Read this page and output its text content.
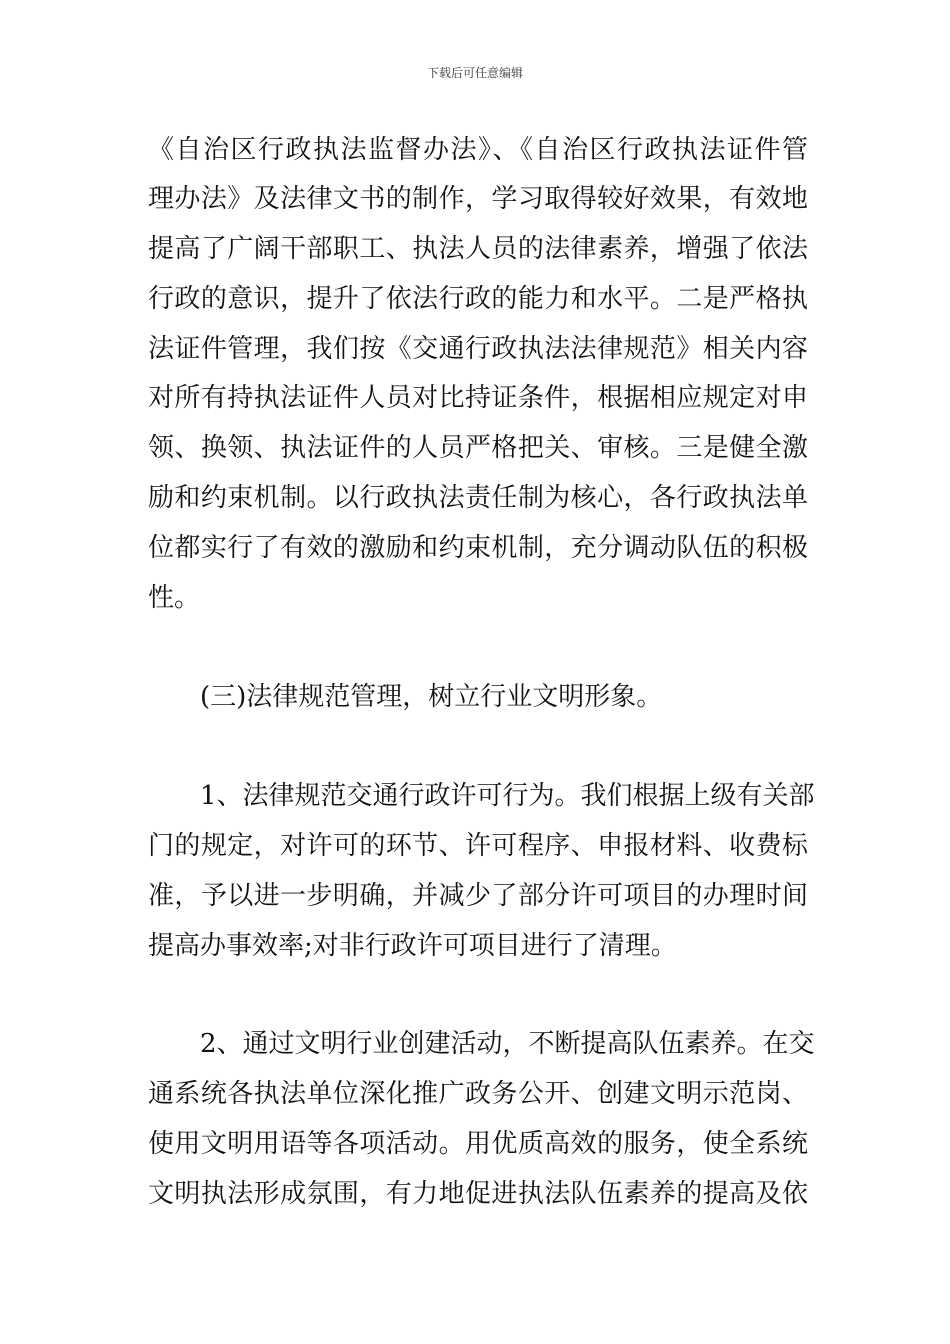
下载后可任意编辑
《自治区行政执法监督办法》、《自治区行政执法证件管
理办法》及法律文书的制作，学习取得较好效果，有效地
提高了广阔干部职工、执法人员的法律素养，增强了依法
行政的意识，提升了依法行政的能力和水平。二是严格执
法证件管理，我们按《交通行政执法法律规范》相关内容
对所有持执法证件人员对比持证条件，根据相应规定对申
领、换领、执法证件的人员严格把关、审核。三是健全激
励和约束机制。以行政执法责任制为核心，各行政执法单
位都实行了有效的激励和约束机制，充分调动队伍的积极
性。
(三)法律规范管理，树立行业文明形象。
1、法律规范交通行政许可行为。我们根据上级有关部
门的规定，对许可的环节、许可程序、申报材料、收费标
准，予以进一步明确，并减少了部分许可项目的办理时间
提高办事效率;对非行政许可项目进行了清理。
2、通过文明行业创建活动，不断提高队伍素养。在交
通系统各执法单位深化推广政务公开、创建文明示范岗、
使用文明用语等各项活动。用优质高效的服务，使全系统
文明执法形成氛围，有力地促进执法队伍素养的提高及依
